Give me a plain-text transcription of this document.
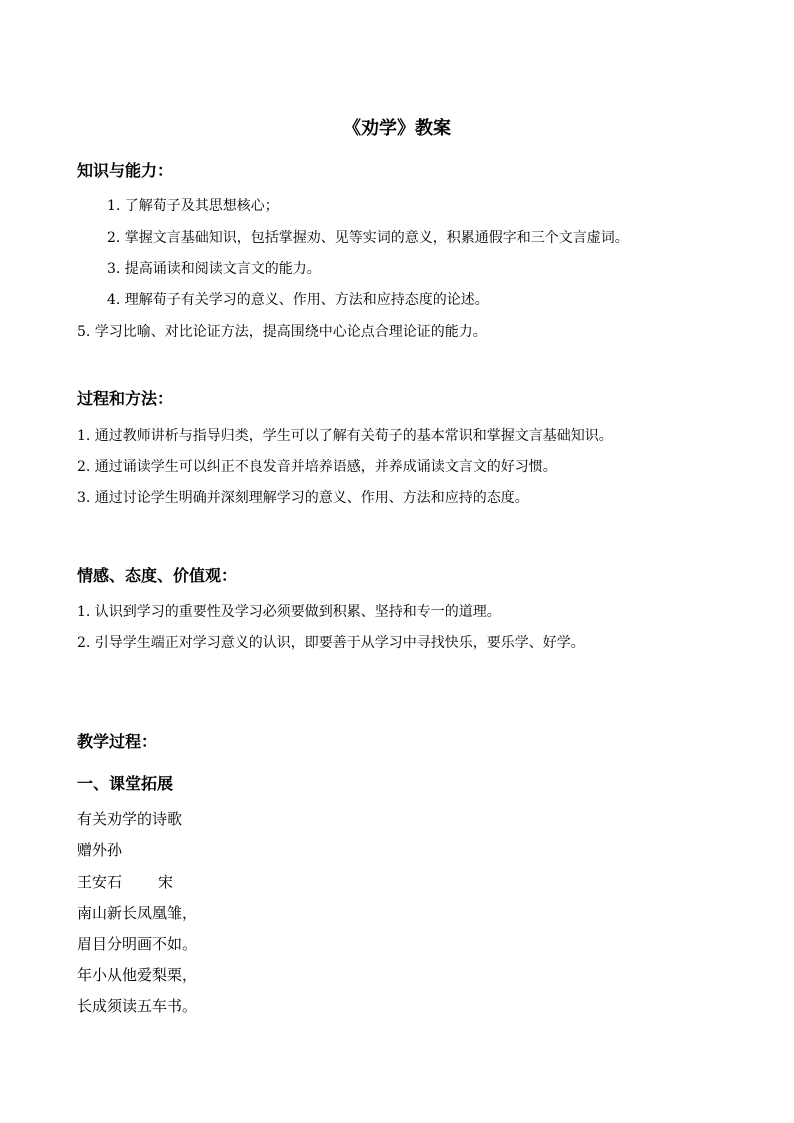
《劝学》教案
知识与能力：
1. 了解荀子及其思想核心；
2. 掌握文言基础知识，包括掌握劝、见等实词的意义，积累通假字和三个文言虚词。
3. 提高诵读和阅读文言文的能力。
4. 理解荀子有关学习的意义、作用、方法和应持态度的论述。
5. 学习比喻、对比论证方法，提高围绕中心论点合理论证的能力。
过程和方法：
1. 通过教师讲析与指导归类，学生可以了解有关荀子的基本常识和掌握文言基础知识。
2. 通过诵读学生可以纠正不良发音并培养语感，并养成诵读文言文的好习惯。
3. 通过讨论学生明确并深刻理解学习的意义、作用、方法和应持的态度。
情感、态度、价值观：
1. 认识到学习的重要性及学习必须要做到积累、坚持和专一的道理。
2. 引导学生端正对学习意义的认识，即要善于从学习中寻找快乐，要乐学、好学。
教学过程：
一、课堂拓展
有关劝学的诗歌
赠外孙
王安石 宋
南山新长凤凰雏，
眉目分明画不如。
年小从他爱梨栗，
长成须读五车书。
